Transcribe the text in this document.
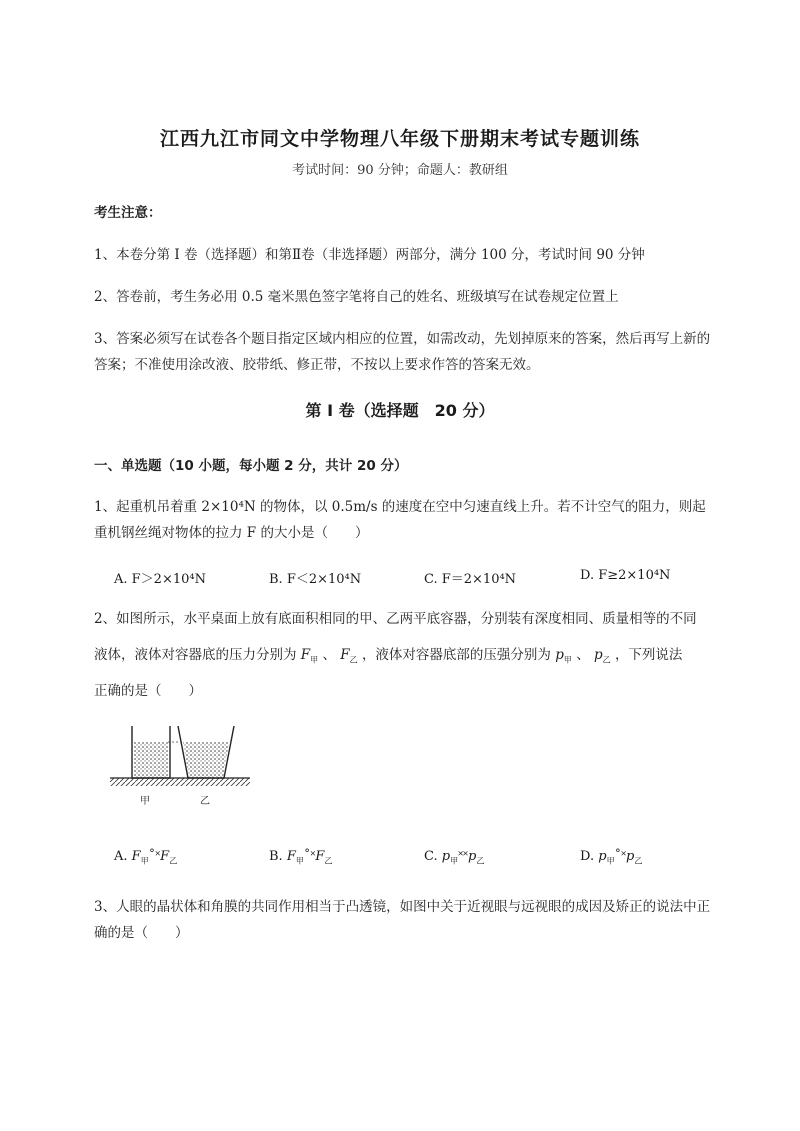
江西九江市同文中学物理八年级下册期末考试专题训练
考试时间：90 分钟；命题人：教研组
考生注意：
1、本卷分第 I 卷（选择题）和第Ⅱ卷（非选择题）两部分，满分 100 分，考试时间 90 分钟
2、答卷前，考生务必用 0.5 毫米黑色签字笔将自己的姓名、班级填写在试卷规定位置上
3、答案必须写在试卷各个题目指定区域内相应的位置，如需改动，先划掉原来的答案，然后再写上新的答案；不准使用涂改液、胶带纸、修正带，不按以上要求作答的答案无效。
第 I 卷（选择题　20 分）
一、单选题（10 小题，每小题 2 分，共计 20 分）
1、起重机吊着重 2×10⁴N 的物体，以 0.5m/s 的速度在空中匀速直线上升。若不计空气的阻力，则起重机钢丝绳对物体的拉力 F 的大小是（　　）
A. F＞2×10⁴N	B. F＜2×10⁴N	C. F＝2×10⁴N	D. F≥2×10⁴N
2、如图所示，水平桌面上放有底面积相同的甲、乙两平底容器，分别装有深度相同、质量相等的不同
液体，液体对容器底的压力分别为 $F_甲$ 、 $F_乙$ ，液体对容器底部的压强分别为 $p_甲$ 、 $p_乙$ ，下列说法
正确的是（　　）
甲	乙
A. $F_甲˚˟F_乙$	B. $F_甲˚˟F_乙$	C. $p_甲˟˟p_乙$	D. $p_甲˚˟p_乙$
3、人眼的晶状体和角膜的共同作用相当于凸透镜，如图中关于近视眼与远视眼的成因及矫正的说法中正确的是（　　）
